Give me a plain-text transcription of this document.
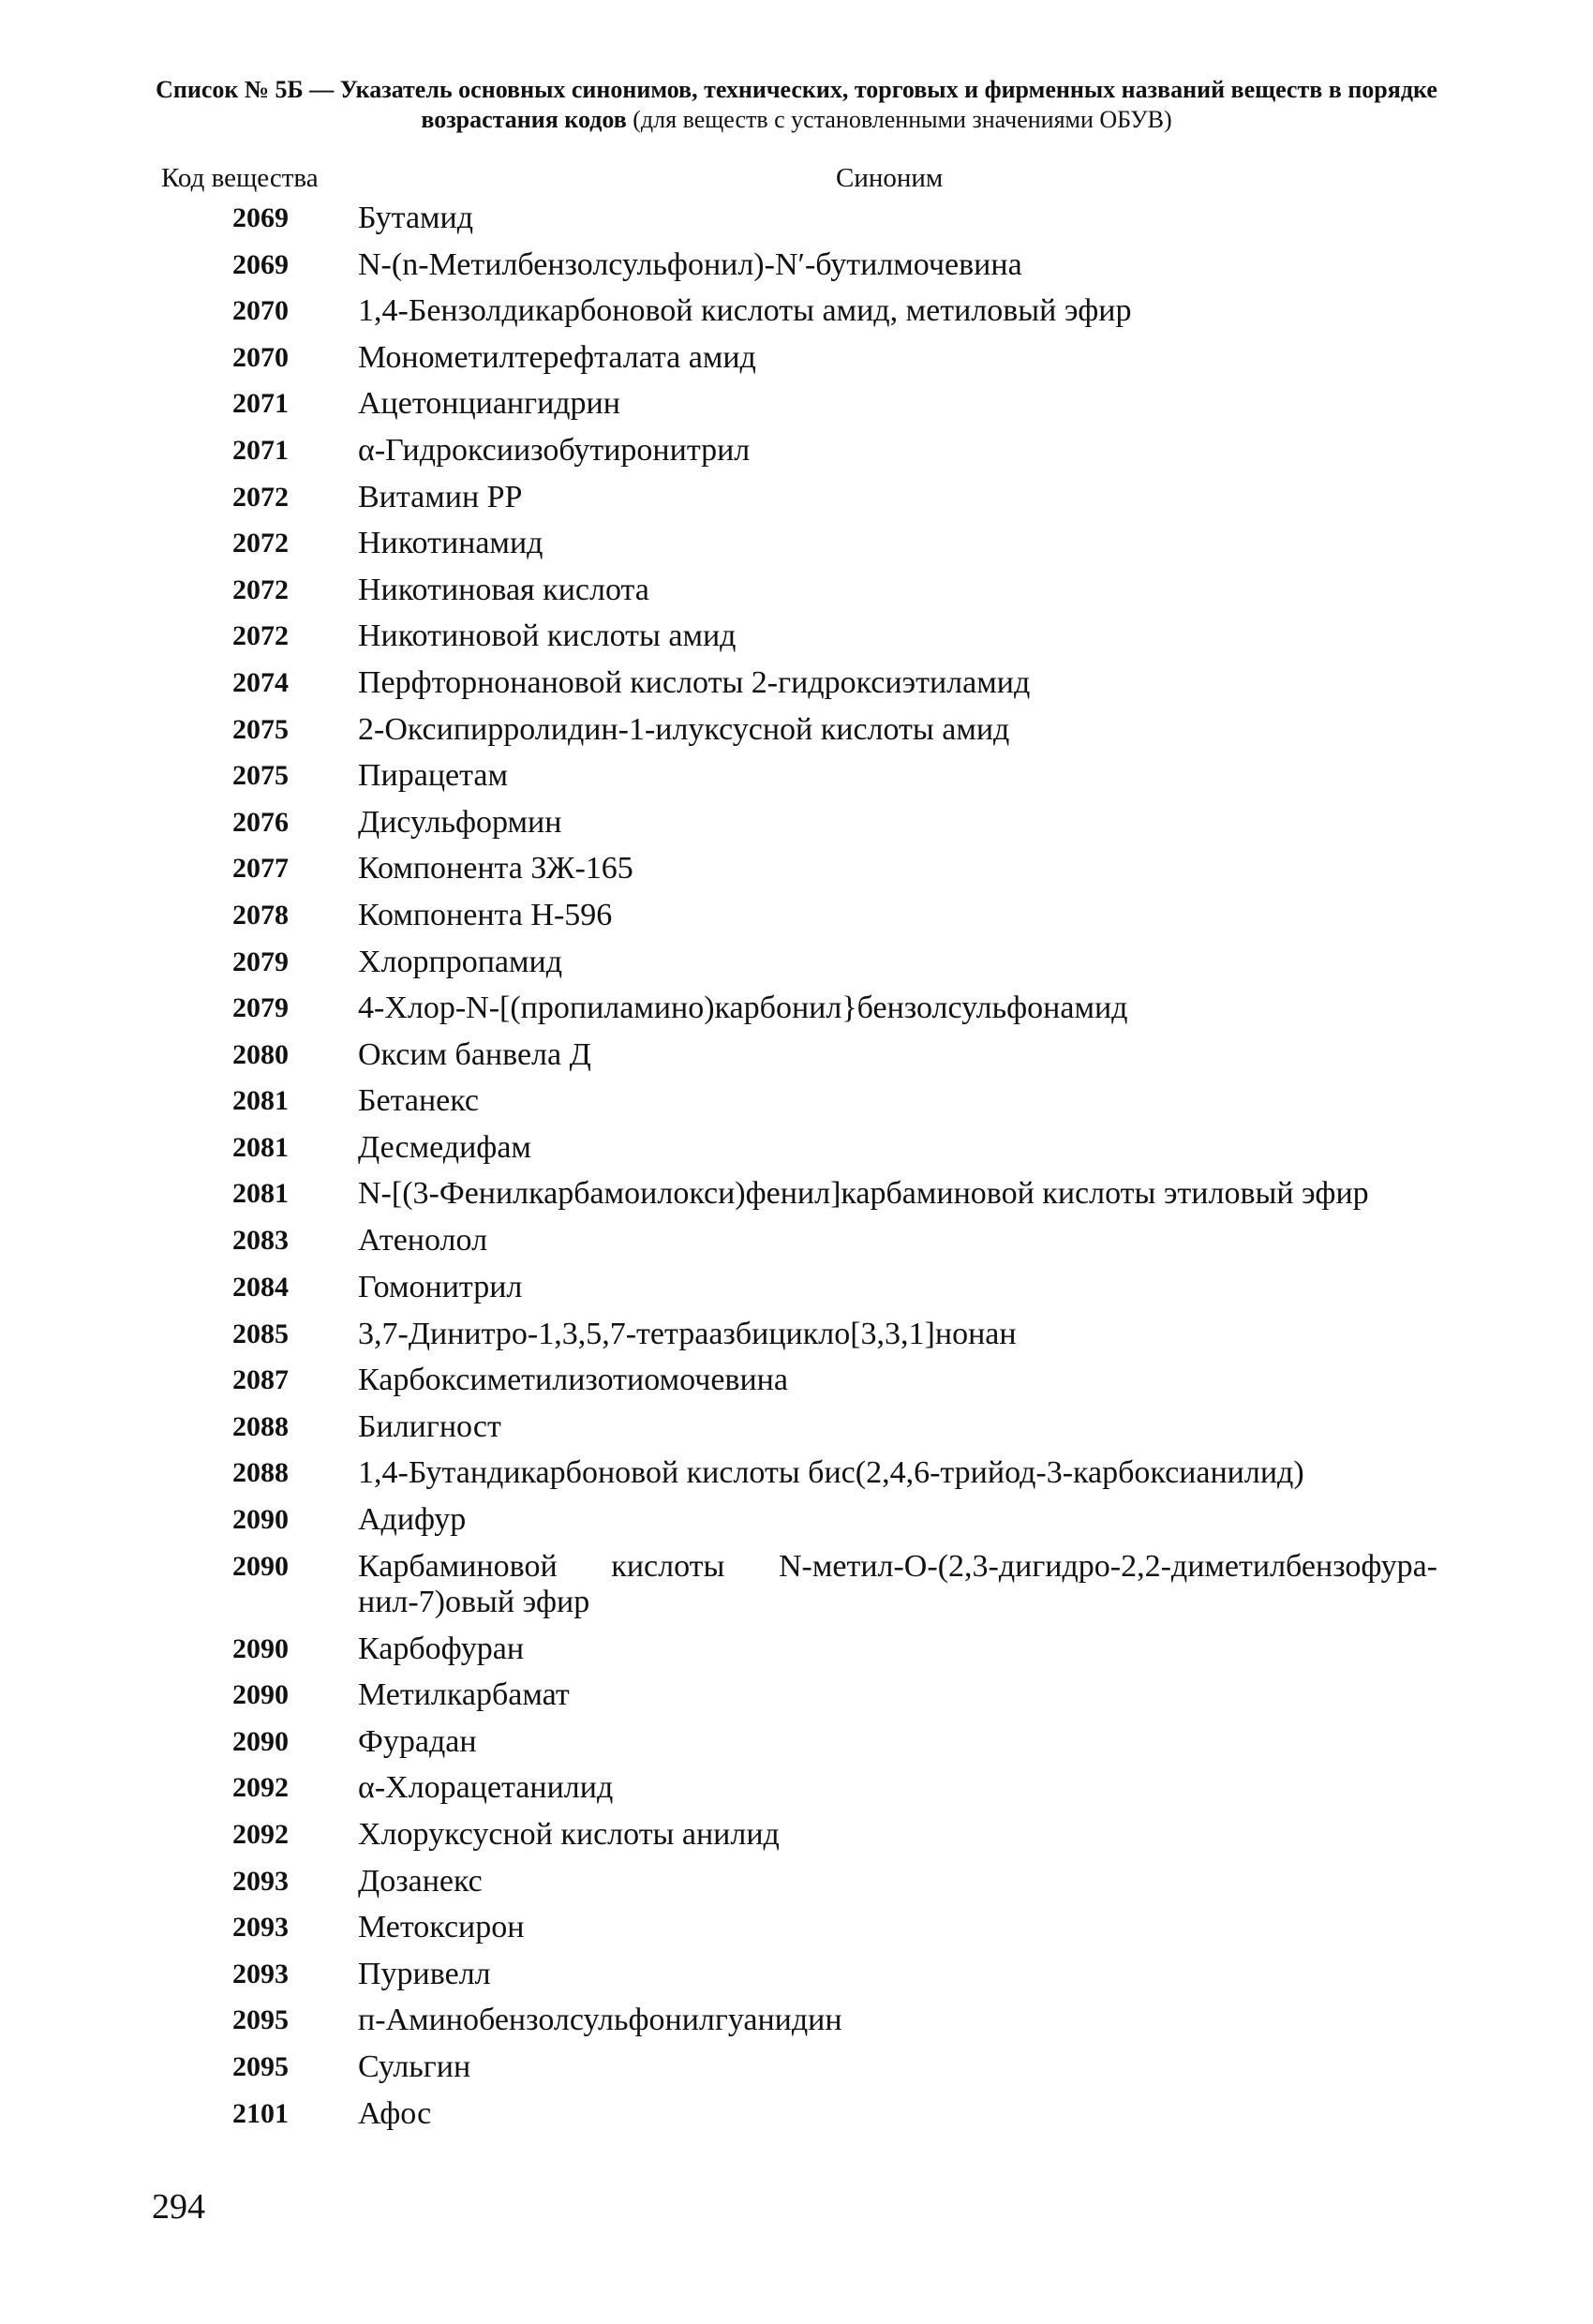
Список № 5Б — Указатель основных синонимов, технических, торговых и фирменных названий веществ в порядке возрастания кодов (для веществ с установленными значениями ОБУВ)
Код вещества	Синоним
2069 Бутамид
2069 N-(n-Метилбензолсульфонил)-N′-бутилмочевина
2070 1,4-Бензолдикарбоновой кислоты амид, метиловый эфир
2070 Монометилтерефталата амид
2071 Ацетонциангидрин
2071 α-Гидроксиизобутиронитрил
2072 Витамин РР
2072 Никотинамид
2072 Никотиновая кислота
2072 Никотиновой кислоты амид
2074 Перфторнонановой кислоты 2-гидроксиэтиламид
2075 2-Оксипирролидин-1-илуксусной кислоты амид
2075 Пирацетам
2076 Дисульформин
2077 Компонента ЗЖ-165
2078 Компонента Н-596
2079 Хлорпропамид
2079 4-Хлор-N-[(пропиламино)карбонил}бензолсульфонамид
2080 Оксим банвела Д
2081 Бетанекс
2081 Десмедифам
2081 N-[(3-Фенилкарбамоилокси)фенил]карбаминовой кислоты этиловый эфир
2083 Атенолол
2084 Гомонитрил
2085 3,7-Динитро-1,3,5,7-тетраазбицикло[3,3,1]нонан
2087 Карбоксиметилизотиомочевина
2088 Билигност
2088 1,4-Бутандикарбоновой кислоты бис(2,4,6-трийод-3-карбоксианилид)
2090 Адифур
2090 Карбаминовой кислоты N-метил-O-(2,3-дигидро-2,2-диметилбензофура-нил-7)овый эфир
2090 Карбофуран
2090 Метилкарбамат
2090 Фурадан
2092 α-Хлорацетанилид
2092 Хлоруксусной кислоты анилид
2093 Дозанекс
2093 Метоксирон
2093 Пуривелл
2095 п-Аминобензолсульфонилгуанидин
2095 Сульгин
2101 Афос
294
